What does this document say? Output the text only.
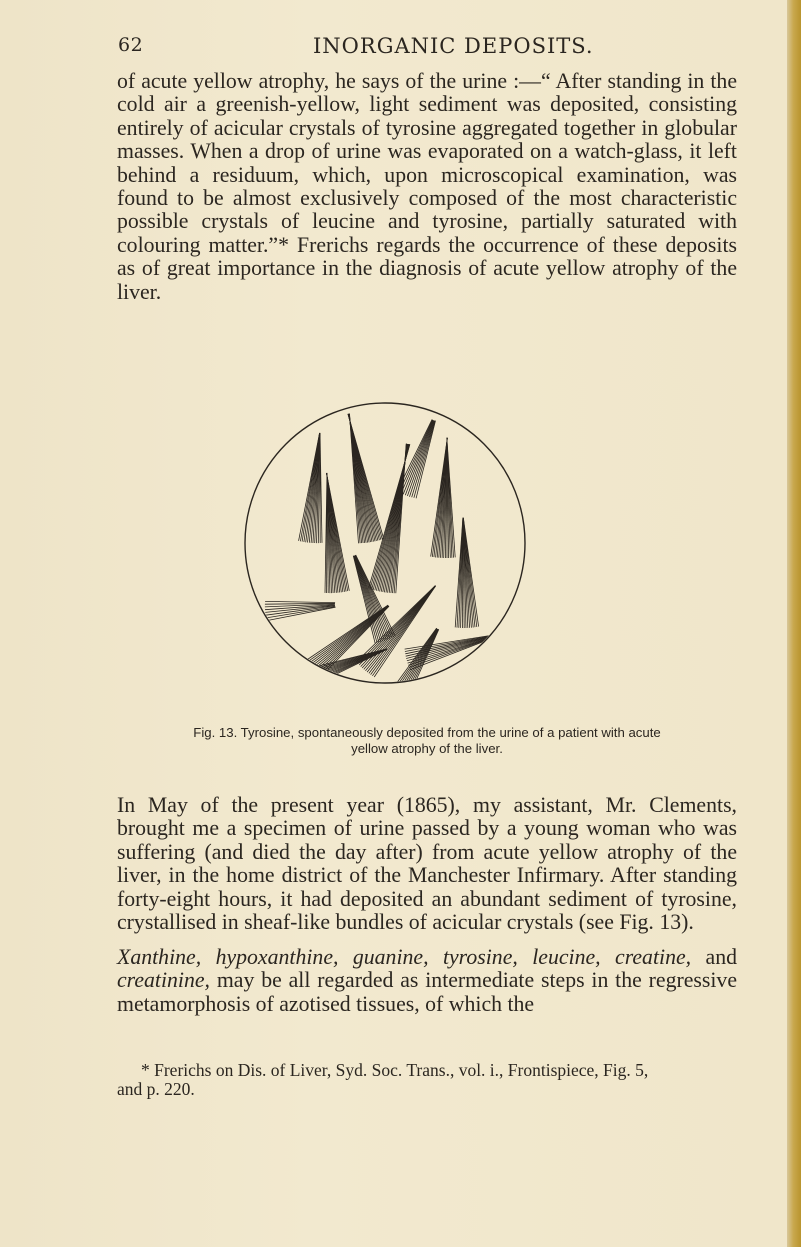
62	INORGANIC DEPOSITS.
of acute yellow atrophy, he says of the urine :—“ After standing in the cold air a greenish-yellow, light sediment was deposited, consisting entirely of acicular crystals of tyrosine aggregated together in globular masses. When a drop of urine was evaporated on a watch-glass, it left behind a residuum, which, upon microscopical examination, was found to be almost exclusively composed of the most characteristic possible crystals of leucine and tyrosine, partially saturated with colouring matter.”* Frerichs regards the occurrence of these deposits as of great importance in the diagnosis of acute yellow atrophy of the liver.
Fig. 13. Tyrosine, spontaneously deposited from the urine of a patient with acute
yellow atrophy of the liver.
In May of the present year (1865), my assistant, Mr. Clements, brought me a specimen of urine passed by a young woman who was suffering (and died the day after) from acute yellow atrophy of the liver, in the home district of the Manchester Infirmary. After standing forty-eight hours, it had deposited an abundant sediment of tyrosine, crystallised in sheaf-like bundles of acicular crystals (see Fig. 13).
Xanthine, hypoxanthine, guanine, tyrosine, leucine, creatine, and creatinine, may be all regarded as intermediate steps in the regressive metamorphosis of azotised tissues, of which the
* Frerichs on Dis. of Liver, Syd. Soc. Trans., vol. i., Frontispiece, Fig. 5,
and p. 220.
